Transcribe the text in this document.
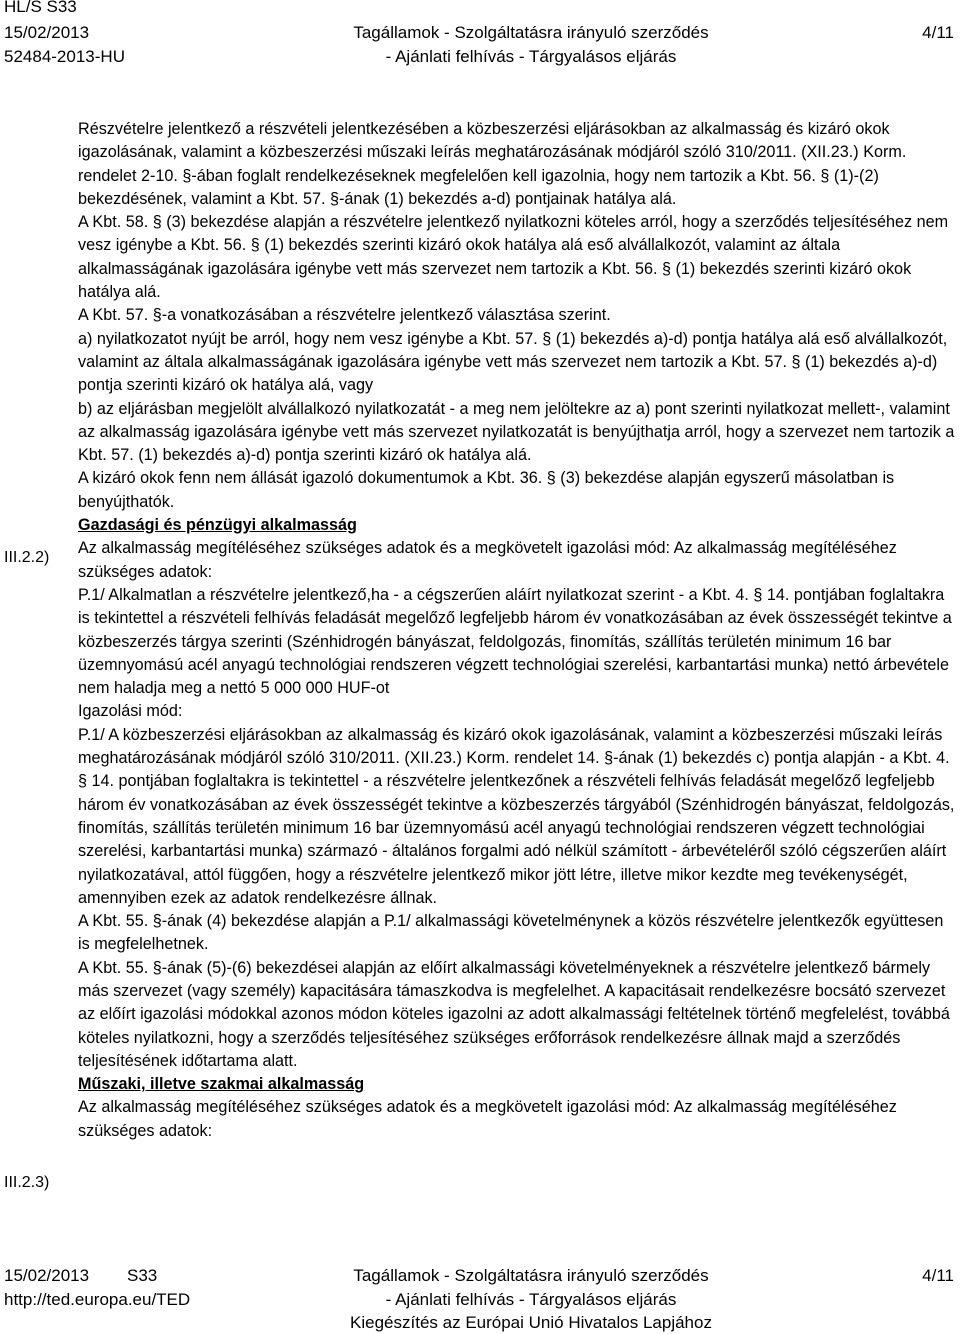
HL/S S33
15/02/2013
52484-2013-HU
Tagállamok - Szolgáltatásra irányuló szerződés
- Ajánlati felhívás - Tárgyalásos eljárás
4/11
III.2.2)
III.2.3)

Részvételre jelentkező a részvételi jelentkezésében a közbeszerzési eljárásokban az alkalmasság és kizáró okok igazolásának, valamint a közbeszerzési műszaki leírás meghatározásának módjáról szóló 310/2011. (XII.23.) Korm. rendelet 2-10. §-ában foglalt rendelkezéseknek megfelelően kell igazolnia, hogy nem tartozik a Kbt. 56. § (1)-(2) bekezdésének, valamint a Kbt. 57. §-ának (1) bekezdés a-d) pontjainak hatálya alá.

A Kbt. 58. § (3) bekezdése alapján a részvételre jelentkező nyilatkozni köteles arról, hogy a szerződés teljesítéséhez nem vesz igénybe a Kbt. 56. § (1) bekezdés szerinti kizáró okok hatálya alá eső alvállalkozót, valamint az általa alkalmasságának igazolására igénybe vett más szervezet nem tartozik a Kbt. 56. § (1) bekezdés szerinti kizáró okok hatálya alá.

A Kbt. 57. §-a vonatkozásában a részvételre jelentkező választása szerint.

a) nyilatkozatot nyújt be arról, hogy nem vesz igénybe a Kbt. 57. § (1) bekezdés a)-d) pontja hatálya alá eső alvállalkozót, valamint az általa alkalmasságának igazolására igénybe vett más szervezet nem tartozik a Kbt. 57. § (1) bekezdés a)-d) pontja szerinti kizáró ok hatálya alá, vagy

b) az eljárásban megjelölt alvállalkozó nyilatkozatát - a meg nem jelöltekre az a) pont szerinti nyilatkozat mellett-, valamint az alkalmasság igazolására igénybe vett más szervezet nyilatkozatát is benyújthatja arról, hogy a szervezet nem tartozik a Kbt. 57. (1) bekezdés a)-d) pontja szerinti kizáró ok hatálya alá.

A kizáró okok fenn nem állását igazoló dokumentumok a Kbt. 36. § (3) bekezdése alapján egyszerű másolatban is benyújthatók.

Gazdasági és pénzügyi alkalmasság

Az alkalmasság megítéléséhez szükséges adatok és a megkövetelt igazolási mód: Az alkalmasság megítéléséhez szükséges adatok:

P.1/ Alkalmatlan a részvételre jelentkező,ha - a cégszerűen aláírt nyilatkozat szerint - a Kbt. 4. § 14. pontjában foglaltakra is tekintettel a részvételi felhívás feladását megelőző legfeljebb három év vonatkozásában az évek összességét tekintve a közbeszerzés tárgya szerinti (Szénhidrogén bányászat, feldolgozás, finomítás, szállítás területén minimum 16 bar üzemnyomású acél anyagú technológiai rendszeren végzett technológiai szerelési, karbantartási munka) nettó árbevétele nem haladja meg a nettó 5 000 000 HUF-ot

Igazolási mód:

P.1/ A közbeszerzési eljárásokban az alkalmasság és kizáró okok igazolásának, valamint a közbeszerzési műszaki leírás meghatározásának módjáról szóló 310/2011. (XII.23.) Korm. rendelet 14. §-ának (1) bekezdés c) pontja alapján - a Kbt. 4. § 14. pontjában foglaltakra is tekintettel - a részvételre jelentkezőnek a részvételi felhívás feladását megelőző legfeljebb három év vonatkozásában az évek összességét tekintve a közbeszerzés tárgyából (Szénhidrogén bányászat, feldolgozás, finomítás, szállítás területén minimum 16 bar üzemnyomású acél anyagú technológiai rendszeren végzett technológiai szerelési, karbantartási munka) származó - általános forgalmi adó nélkül számított - árbevételéről szóló cégszerűen aláírt nyilatkozatával, attól függően, hogy a részvételre jelentkező mikor jött létre, illetve mikor kezdte meg tevékenységét, amennyiben ezek az adatok rendelkezésre állnak.

A Kbt. 55. §-ának (4) bekezdése alapján a P.1/ alkalmassági követelménynek a közös részvételre jelentkezők együttesen is megfelelhetnek.

A Kbt. 55. §-ának (5)-(6) bekezdései alapján az előírt alkalmassági követelményeknek a részvételre jelentkező bármely más szervezet (vagy személy) kapacitására támaszkodva is megfelelhet. A kapacitásait rendelkezésre bocsátó szervezet az előírt igazolási módokkal azonos módon köteles igazolni az adott alkalmassági feltételnek történő megfelelést, továbbá köteles nyilatkozni, hogy a szerződés teljesítéséhez szükséges erőforrások rendelkezésre állnak majd a szerződés teljesítésének időtartama alatt.

Műszaki, illetve szakmai alkalmasság

Az alkalmasság megítéléséhez szükséges adatok és a megkövetelt igazolási mód: Az alkalmasság megítéléséhez szükséges adatok:

15/02/2013 S33
http://ted.europa.eu/TED
Tagállamok - Szolgáltatásra irányuló szerződés
- Ajánlati felhívás - Tárgyalásos eljárás
Kiegészítés az Európai Unió Hivatalos Lapjához
4/11
